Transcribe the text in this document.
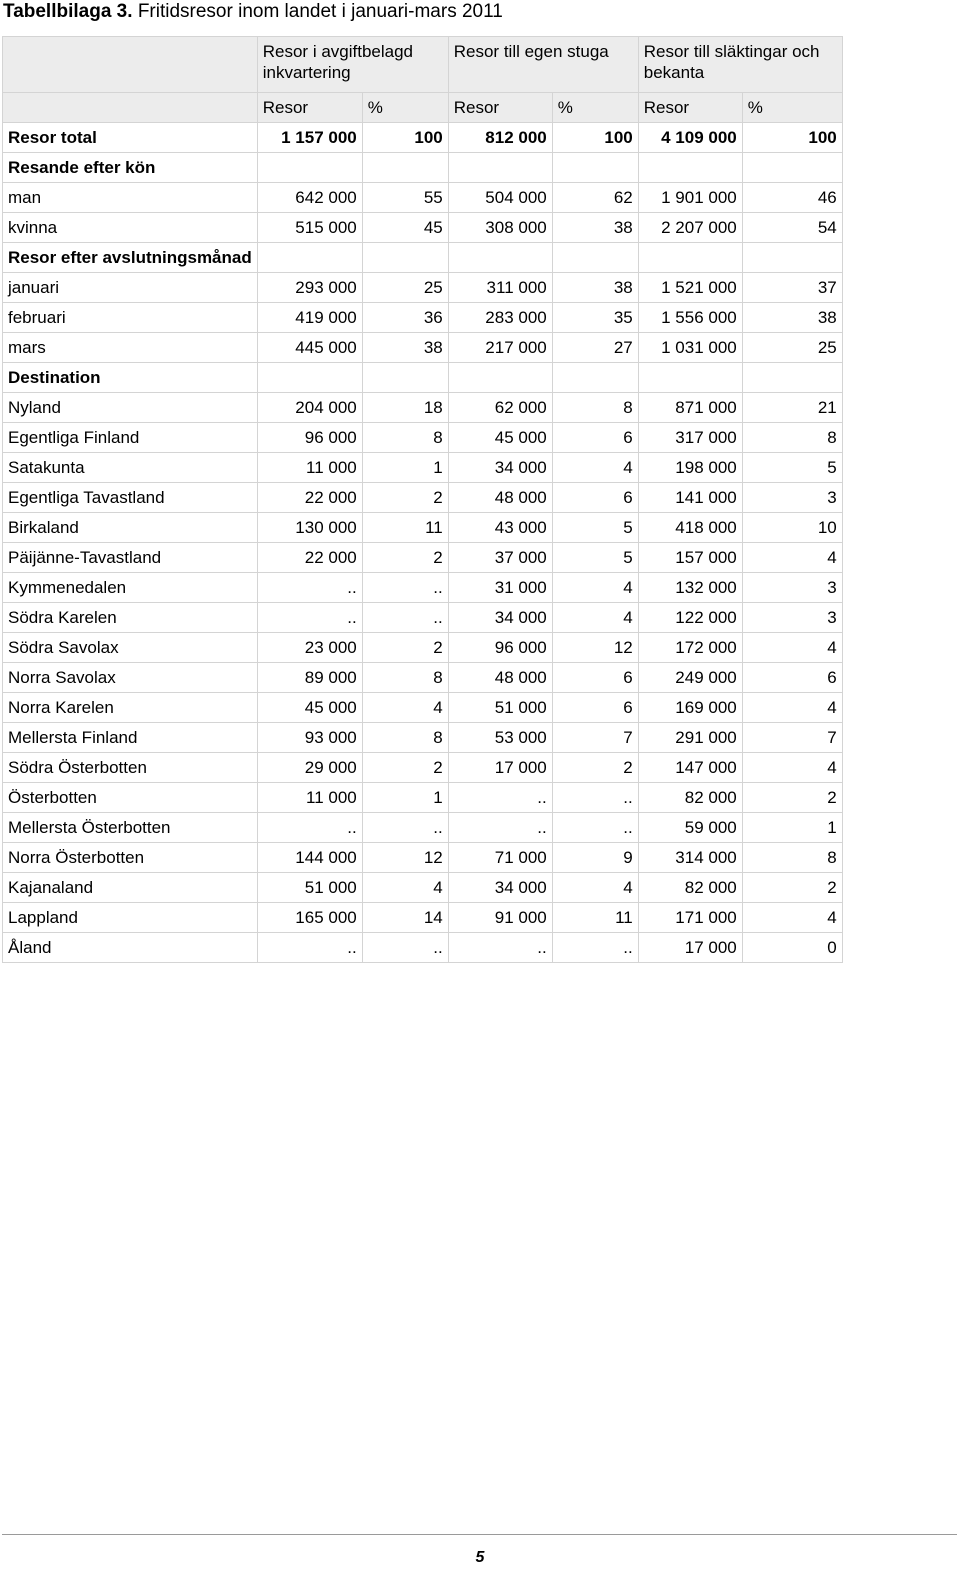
Tabellbilaga 3. Fritidsresor inom landet i januari-mars 2011
	Resor i avgiftbelagd inkvartering		Resor till egen stuga		Resor till släktingar och bekanta	
	Resor	%	Resor	%	Resor	%
Resor total	1 157 000	100	812 000	100	4 109 000	100
Resande efter kön						
man	642 000	55	504 000	62	1 901 000	46
kvinna	515 000	45	308 000	38	2 207 000	54
Resor efter avslutningsmånad						
januari	293 000	25	311 000	38	1 521 000	37
februari	419 000	36	283 000	35	1 556 000	38
mars	445 000	38	217 000	27	1 031 000	25
Destination						
Nyland	204 000	18	62 000	8	871 000	21
Egentliga Finland	96 000	8	45 000	6	317 000	8
Satakunta	11 000	1	34 000	4	198 000	5
Egentliga Tavastland	22 000	2	48 000	6	141 000	3
Birkaland	130 000	11	43 000	5	418 000	10
Päijänne-Tavastland	22 000	2	37 000	5	157 000	4
Kymmenedalen	..	..	31 000	4	132 000	3
Södra Karelen	..	..	34 000	4	122 000	3
Södra Savolax	23 000	2	96 000	12	172 000	4
Norra Savolax	89 000	8	48 000	6	249 000	6
Norra Karelen	45 000	4	51 000	6	169 000	4
Mellersta Finland	93 000	8	53 000	7	291 000	7
Södra Österbotten	29 000	2	17 000	2	147 000	4
Österbotten	11 000	1	..	..	82 000	2
Mellersta Österbotten	..	..	..	..	59 000	1
Norra Österbotten	144 000	12	71 000	9	314 000	8
Kajanaland	51 000	4	34 000	4	82 000	2
Lappland	165 000	14	91 000	11	171 000	4
Åland	..	..	..	..	17 000	0
5
